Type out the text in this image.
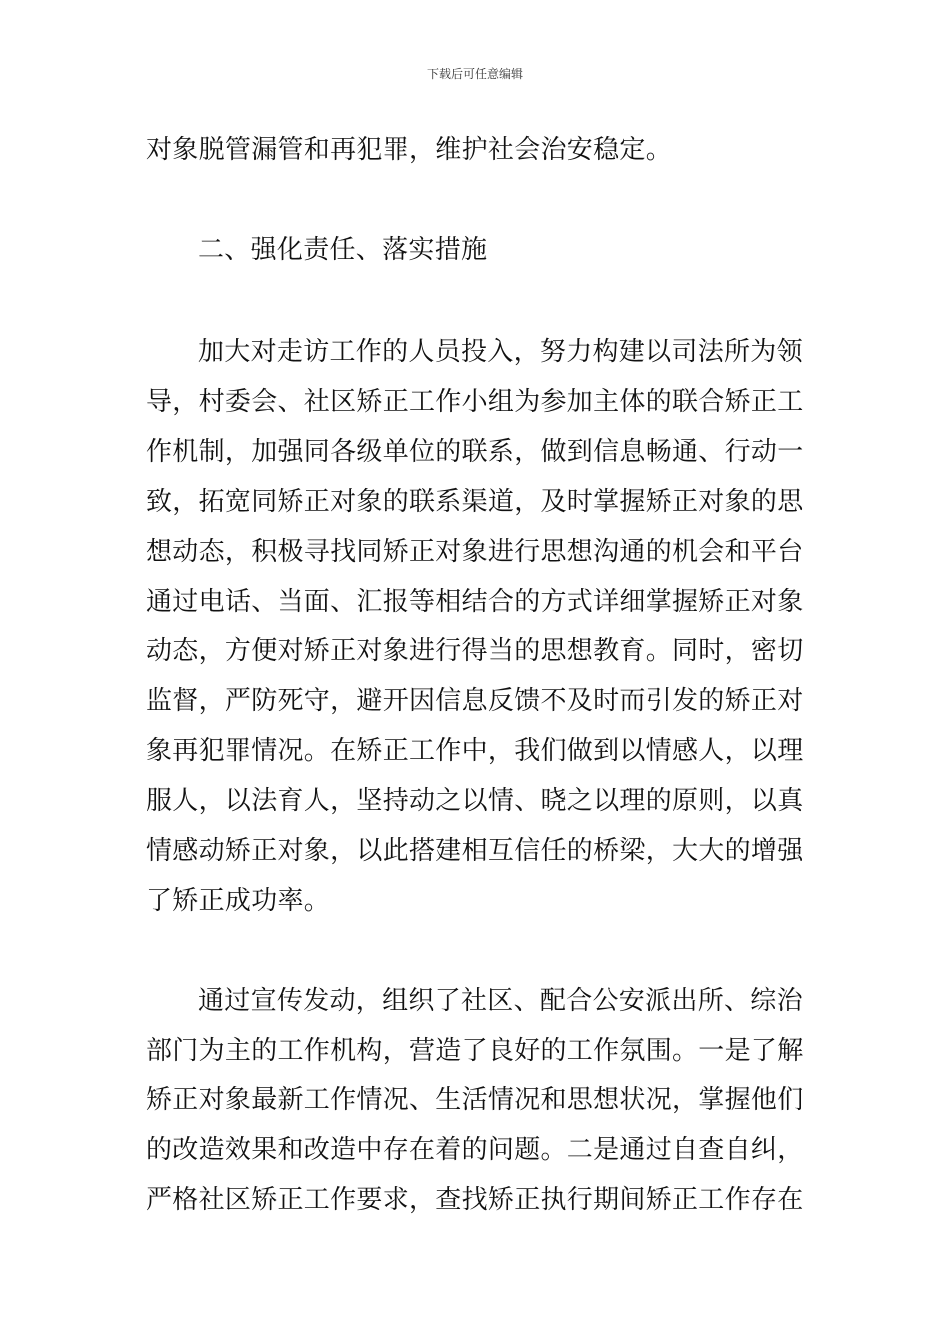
下载后可任意编辑
对象脱管漏管和再犯罪，维护社会治安稳定。
二、强化责任、落实措施
加大对走访工作的人员投入，努力构建以司法所为领
导，村委会、社区矫正工作小组为参加主体的联合矫正工
作机制，加强同各级单位的联系，做到信息畅通、行动一
致，拓宽同矫正对象的联系渠道，及时掌握矫正对象的思
想动态，积极寻找同矫正对象进行思想沟通的机会和平台
通过电话、当面、汇报等相结合的方式详细掌握矫正对象
动态，方便对矫正对象进行得当的思想教育。同时，密切
监督，严防死守，避开因信息反馈不及时而引发的矫正对
象再犯罪情况。在矫正工作中，我们做到以情感人，以理
服人，以法育人，坚持动之以情、晓之以理的原则，以真
情感动矫正对象，以此搭建相互信任的桥梁，大大的增强
了矫正成功率。
通过宣传发动，组织了社区、配合公安派出所、综治
部门为主的工作机构，营造了良好的工作氛围。一是了解
矫正对象最新工作情况、生活情况和思想状况，掌握他们
的改造效果和改造中存在着的问题。二是通过自查自纠，
严格社区矫正工作要求，查找矫正执行期间矫正工作存在
